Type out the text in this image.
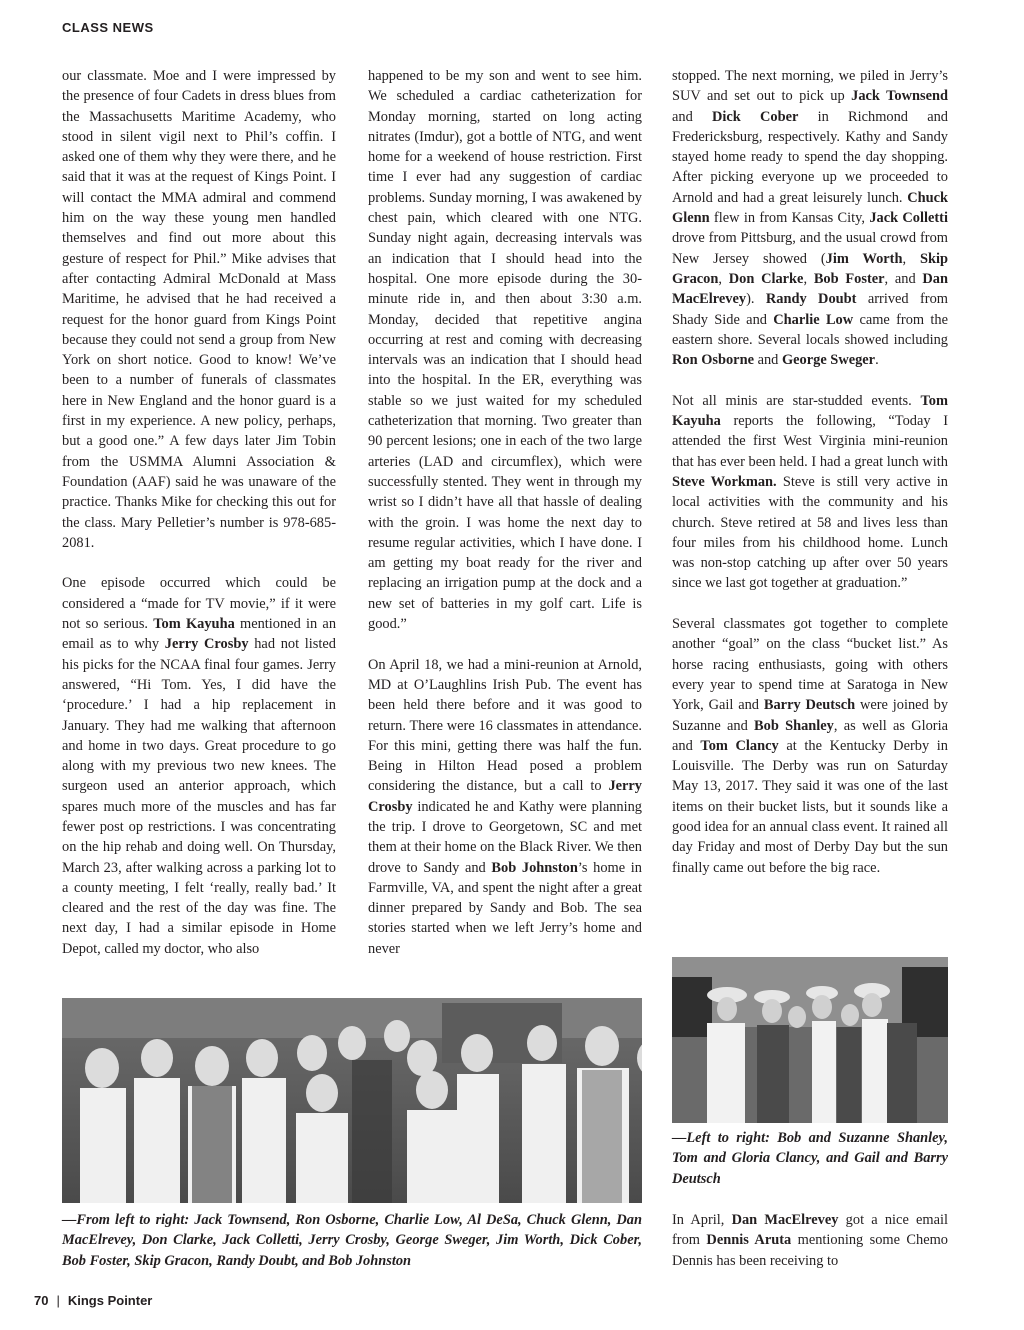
CLASS NEWS

our classmate. Moe and I were impressed by the presence of four Cadets in dress blues from the Massachusetts Maritime Academy, who stood in silent vigil next to Phil’s coffin. I asked one of them why they were there, and he said that it was at the request of Kings Point. I will contact the MMA admiral and commend him on the way these young men handled themselves and find out more about this gesture of respect for Phil.” Mike advises that after contacting Admiral McDonald at Mass Maritime, he advised that he had received a request for the honor guard from Kings Point because they could not send a group from New York on short notice. Good to know! We’ve been to a number of funerals of classmates here in New England and the honor guard is a first in my experience. A new policy, perhaps, but a good one.” A few days later Jim Tobin from the USMMA Alumni Association & Foundation (AAF) said he was unaware of the practice. Thanks Mike for checking this out for the class. Mary Pelletier’s number is 978-685-2081.

One episode occurred which could be considered a “made for TV movie,” if it were not so serious. Tom Kayuha mentioned in an email as to why Jerry Crosby had not listed his picks for the NCAA final four games. Jerry answered, “Hi Tom. Yes, I did have the ‘procedure.’ I had a hip replacement in January. They had me walking that afternoon and home in two days. Great procedure to go along with my previous two new knees. The surgeon used an anterior approach, which spares much more of the muscles and has far fewer post op restrictions. I was concentrating on the hip rehab and doing well. On Thursday, March 23, after walking across a parking lot to a county meeting, I felt ‘really, really bad.’ It cleared and the rest of the day was fine. The next day, I had a similar episode in Home Depot, called my doctor, who also

happened to be my son and went to see him. We scheduled a cardiac catheterization for Monday morning, started on long acting nitrates (Imdur), got a bottle of NTG, and went home for a weekend of house restriction. First time I ever had any suggestion of cardiac problems. Sunday morning, I was awakened by chest pain, which cleared with one NTG. Sunday night again, decreasing intervals was an indication that I should head into the hospital. One more episode during the 30-minute ride in, and then about 3:30 a.m. Monday, decided that repetitive angina occurring at rest and coming with decreasing intervals was an indication that I should head into the hospital. In the ER, everything was stable so we just waited for my scheduled catheterization that morning. Two greater than 90 percent lesions; one in each of the two large arteries (LAD and circumflex), which were successfully stented. They went in through my wrist so I didn’t have all that hassle of dealing with the groin. I was home the next day to resume regular activities, which I have done. I am getting my boat ready for the river and replacing an irrigation pump at the dock and a new set of batteries in my golf cart. Life is good.”

On April 18, we had a mini-reunion at Arnold, MD at O’Laughlins Irish Pub. The event has been held there before and it was good to return. There were 16 classmates in attendance. For this mini, getting there was half the fun. Being in Hilton Head posed a problem considering the distance, but a call to Jerry Crosby indicated he and Kathy were planning the trip. I drove to Georgetown, SC and met them at their home on the Black River. We then drove to Sandy and Bob Johnston’s home in Farmville, VA, and spent the night after a great dinner prepared by Sandy and Bob. The sea stories started when we left Jerry’s home and never

stopped. The next morning, we piled in Jerry’s SUV and set out to pick up Jack Townsend and Dick Cober in Richmond and Fredericksburg, respectively. Kathy and Sandy stayed home ready to spend the day shopping. After picking everyone up we proceeded to Arnold and had a great leisurely lunch. Chuck Glenn flew in from Kansas City, Jack Colletti drove from Pittsburg, and the usual crowd from New Jersey showed (Jim Worth, Skip Gracon, Don Clarke, Bob Foster, and Dan MacElrevey). Randy Doubt arrived from Shady Side and Charlie Low came from the eastern shore. Several locals showed including Ron Osborne and George Sweger.

Not all minis are star-studded events. Tom Kayuha reports the following, “Today I attended the first West Virginia mini-reunion that has ever been held. I had a great lunch with Steve Workman. Steve is still very active in local activities with the community and his church. Steve retired at 58 and lives less than four miles from his childhood home. Lunch was non-stop catching up after over 50 years since we last got together at graduation.”

Several classmates got together to complete another “goal” on the class “bucket list.” As horse racing enthusiasts, going with others every year to spend time at Saratoga in New York, Gail and Barry Deutsch were joined by Suzanne and Bob Shanley, as well as Gloria and Tom Clancy at the Kentucky Derby in Louisville. The Derby was run on Saturday May 13, 2017. They said it was one of the last items on their bucket lists, but it sounds like a good idea for an annual class event. It rained all day Friday and most of Derby Day but the sun finally came out before the big race.

—From left to right: Jack Townsend, Ron Osborne, Charlie Low, Al DeSa, Chuck Glenn, Dan MacElrevey, Don Clarke, Jack Colletti, Jerry Crosby, George Sweger, Jim Worth, Dick Cober, Bob Foster, Skip Gracon, Randy Doubt, and Bob Johnston
—Left to right: Bob and Suzanne Shanley, Tom and Gloria Clancy, and Gail and Barry Deutsch
In April, Dan MacElrevey got a nice email from Dennis Aruta mentioning some Chemo Dennis has been receiving to
70 | Kings Pointer
